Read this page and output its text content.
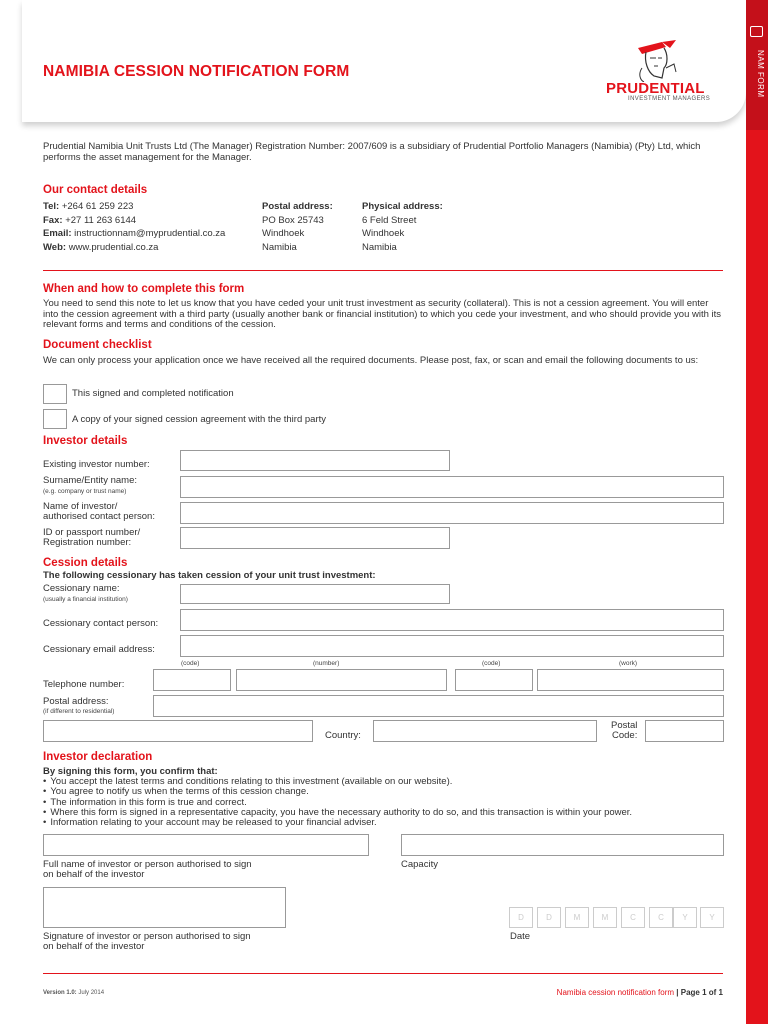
NAMIBIA CESSION NOTIFICATION FORM
PRUDENTIAL
INVESTMENT MANAGERS
NAM FORM

Prudential Namibia Unit Trusts Ltd (The Manager) Registration Number: 2007/609 is a subsidiary of Prudential Portfolio Managers (Namibia) (Pty) Ltd, which performs the asset management for the Manager.

Our contact details
Tel: +264 61 259 223
Fax: +27 11 263 6144
Email: instructionnam@myprudential.co.za
Web: www.prudential.co.za
Postal address:
PO Box 25743
Windhoek
Namibia
Physical address:
6 Feld Street
Windhoek
Namibia
When and how to complete this form

You need to send this note to let us know that you have ceded your unit trust investment as security (collateral). This is not a cession agreement. You will enter into the cession agreement with a third party (usually another bank or financial institution) to which you cede your investment, and who should provide you with its relevant forms and terms and conditions of the cession.

Document checklist

We can only process your application once we have received all the required documents. Please post, fax, or scan and email the following documents to us:

This signed and completed notification
A copy of your signed cession agreement with the third party
Investor details
Existing investor number:
Surname/Entity name:
(e.g. company or trust name)
Name of investor/
authorised contact person:
ID or passport number/
Registration number:
Cession details
The following cessionary has taken cession of your unit trust investment:
Cessionary name:
(usually a financial institution)
Cessionary contact person:
Cessionary email address:
(code)	(number)	(code)	(work)
Telephone number:
Postal address:
(if different to residential)
Country:
Postal
Code:
Investor declaration
By signing this form, you confirm that:
• You accept the latest terms and conditions relating to this investment (available on our website).
• You agree to notify us when the terms of this cession change.
• The information in this form is true and correct.
• Where this form is signed in a representative capacity, you have the necessary authority to do so, and this transaction is within your power.
• Information relating to your account may be released to your financial adviser.
Full name of investor or person authorised to sign
on behalf of the investor
Capacity
Signature of investor or person authorised to sign
on behalf of the investor
D	D	M	M	C	C	Y	Y
Date
Version 1.0: July 2014	Namibia cession notification form | Page 1 of 1
